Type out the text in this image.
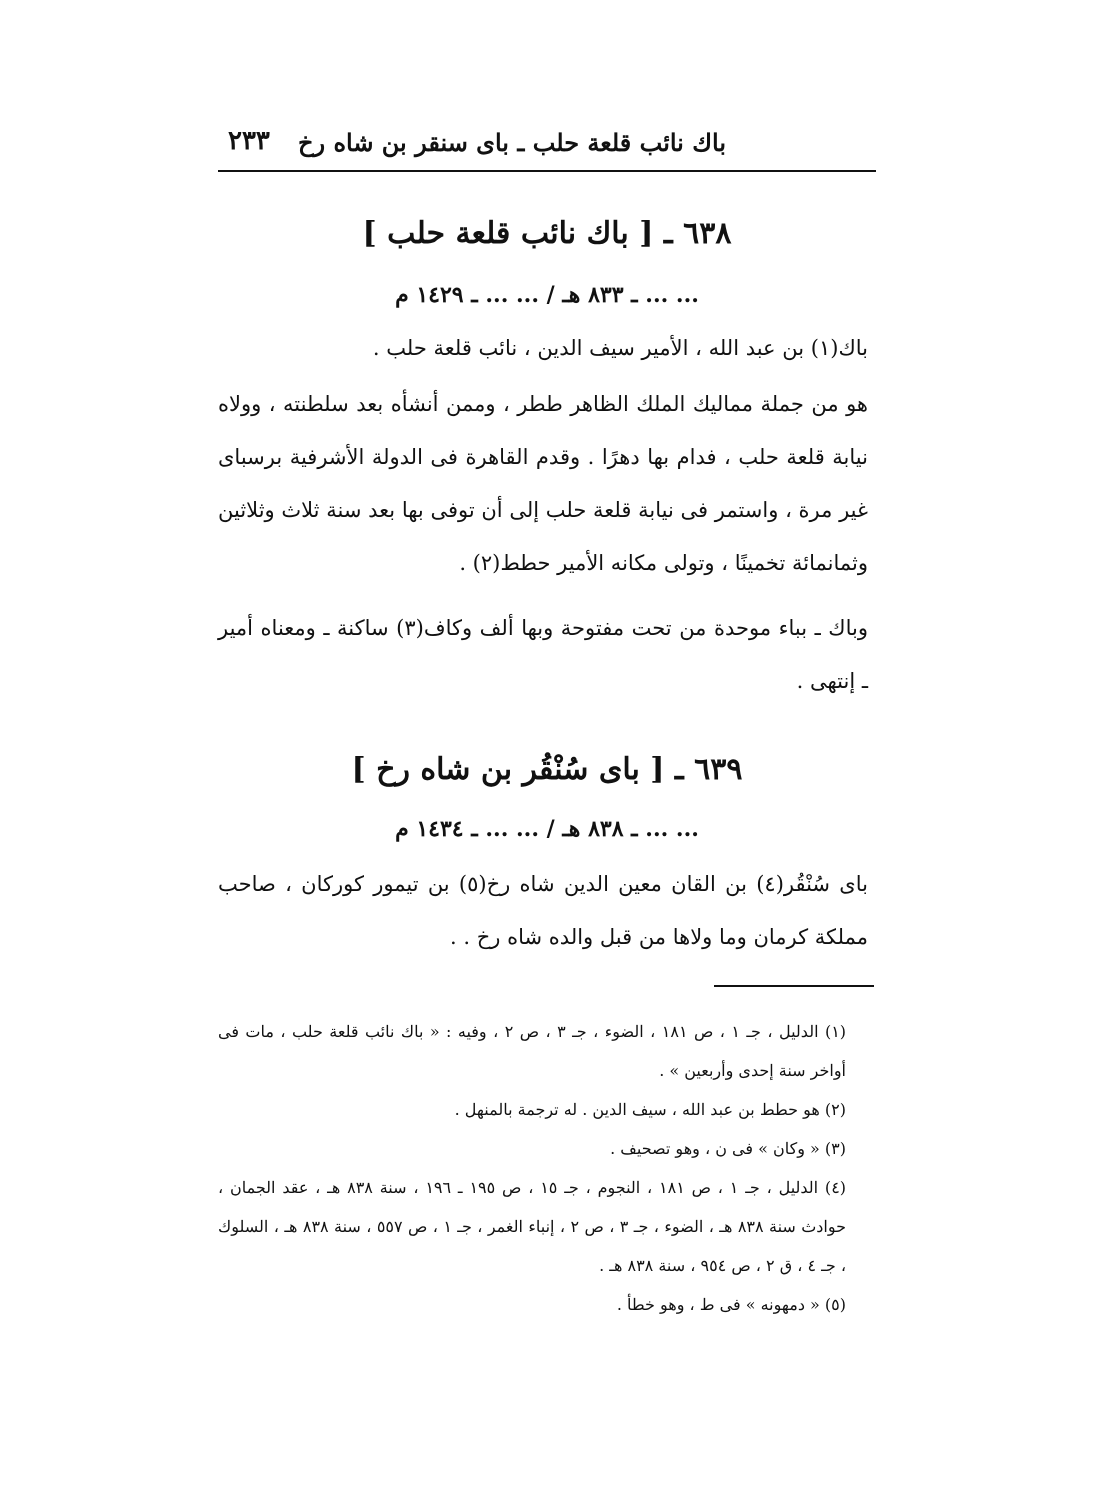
باك نائب قلعة حلب ـ باى سنقر بن شاه رخ
٢٣٣
٦٣٨ ـ [ باك نائب قلعة حلب ]
... ... ـ ٨٣٣ هـ / ... ... ـ ١٤٢٩ م
باك(١) بن عبد الله ، الأمير سيف الدين ، نائب قلعة حلب .
هو من جملة مماليك الملك الظاهر ططر ، وممن أنشأه بعد سلطنته ، وولاه نيابة قلعة حلب ، فدام بها دهرًا . وقدم القاهرة فى الدولة الأشرفية برسباى غير مرة ، واستمر فى نيابة قلعة حلب إلى أن توفى بها بعد سنة ثلاث وثلاثين وثمانمائة تخمينًا ، وتولى مكانه الأمير حطط(٢) .
وباك ـ بباء موحدة من تحت مفتوحة وبها ألف وكاف(٣) ساكنة ـ ومعناه أمير ـ إنتهى .
٦٣٩ ـ [ باى سُنْقُر بن شاه رخ ]
... ... ـ ٨٣٨ هـ / ... ... ـ ١٤٣٤ م
باى سُنْقُر(٤) بن القان معين الدين شاه رخ(٥) بن تيمور كوركان ، صاحب مملكة كرمان وما ولاها من قبل والده شاه رخ . .

(١) الدليل ، جـ ١ ، ص ١٨١ ، الضوء ، جـ ٣ ، ص ٢ ، وفيه : « باك نائب قلعة حلب ، مات فى أواخر سنة إحدى وأربعين » .

(٢) هو حطط بن عبد الله ، سيف الدين . له ترجمة بالمنهل .

(٣) « وكان » فى ن ، وهو تصحيف .

(٤) الدليل ، جـ ١ ، ص ١٨١ ، النجوم ، جـ ١٥ ، ص ١٩٥ ـ ١٩٦ ، سنة ٨٣٨ هـ ، عقد الجمان ، حوادث سنة ٨٣٨ هـ ، الضوء ، جـ ٣ ، ص ٢ ، إنباء الغمر ، جـ ١ ، ص ٥٥٧ ، سنة ٨٣٨ هـ ، السلوك ، جـ ٤ ، ق ٢ ، ص ٩٥٤ ، سنة ٨٣٨ هـ .

(٥) « دمهونه » فى ط ، وهو خطأ .
